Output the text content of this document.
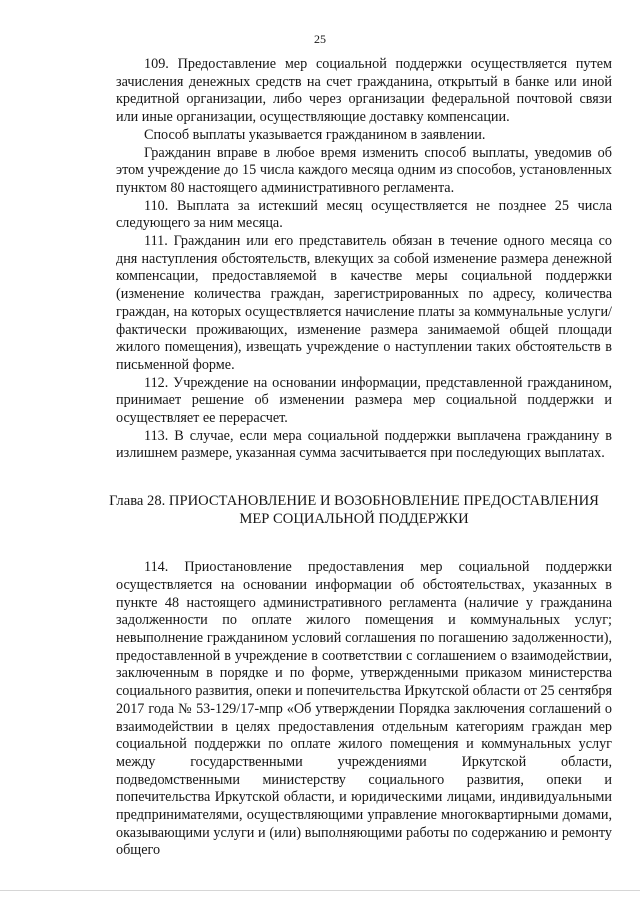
25

109. Предоставление мер социальной поддержки осуществляется путем зачисления денежных средств на счет гражданина, открытый в банке или иной кредитной организации, либо через организации федеральной почтовой связи или иные организации, осуществляющие доставку компенсации.

Способ выплаты указывается гражданином в заявлении.

Гражданин вправе в любое время изменить способ выплаты, уведомив об этом учреждение до 15 числа каждого месяца одним из способов, установленных пунктом 80 настоящего административного регламента.

110. Выплата за истекший месяц осуществляется не позднее 25 числа следующего за ним месяца.

111. Гражданин или его представитель обязан в течение одного месяца со дня наступления обстоятельств, влекущих за собой изменение размера денежной компенсации, предоставляемой в качестве меры социальной поддержки (изменение количества граждан, зарегистрированных по адресу, количества граждан, на которых осуществляется начисление платы за коммунальные услуги/фактически проживающих, изменение размера занимаемой общей площади жилого помещения), извещать учреждение о наступлении таких обстоятельств в письменной форме.

112. Учреждение на основании информации, представленной гражданином, принимает решение об изменении размера мер социальной поддержки и осуществляет ее перерасчет.

113. В случае, если мера социальной поддержки выплачена гражданину в излишнем размере, указанная сумма засчитывается при последующих выплатах.

Глава 28. ПРИОСТАНОВЛЕНИЕ И ВОЗОБНОВЛЕНИЕ ПРЕДОСТАВЛЕНИЯ
МЕР СОЦИАЛЬНОЙ ПОДДЕРЖКИ

114. Приостановление предоставления мер социальной поддержки осуществляется на основании информации об обстоятельствах, указанных в пункте 48 настоящего административного регламента (наличие у гражданина задолженности по оплате жилого помещения и коммунальных услуг; невыполнение гражданином условий соглашения по погашению задолженности), предоставленной в учреждение в соответствии с соглашением о взаимодействии, заключенным в порядке и по форме, утвержденными приказом министерства социального развития, опеки и попечительства Иркутской области от 25 сентября 2017 года № 53-129/17-мпр «Об утверждении Порядка заключения соглашений о взаимодействии в целях предоставления отдельным категориям граждан мер социальной поддержки по оплате жилого помещения и коммунальных услуг между государственными учреждениями Иркутской области, подведомственными министерству социального развития, опеки и попечительства Иркутской области, и юридическими лицами, индивидуальными предпринимателями, осуществляющими управление многоквартирными домами, оказывающими услуги и (или) выполняющими работы по содержанию и ремонту общего
